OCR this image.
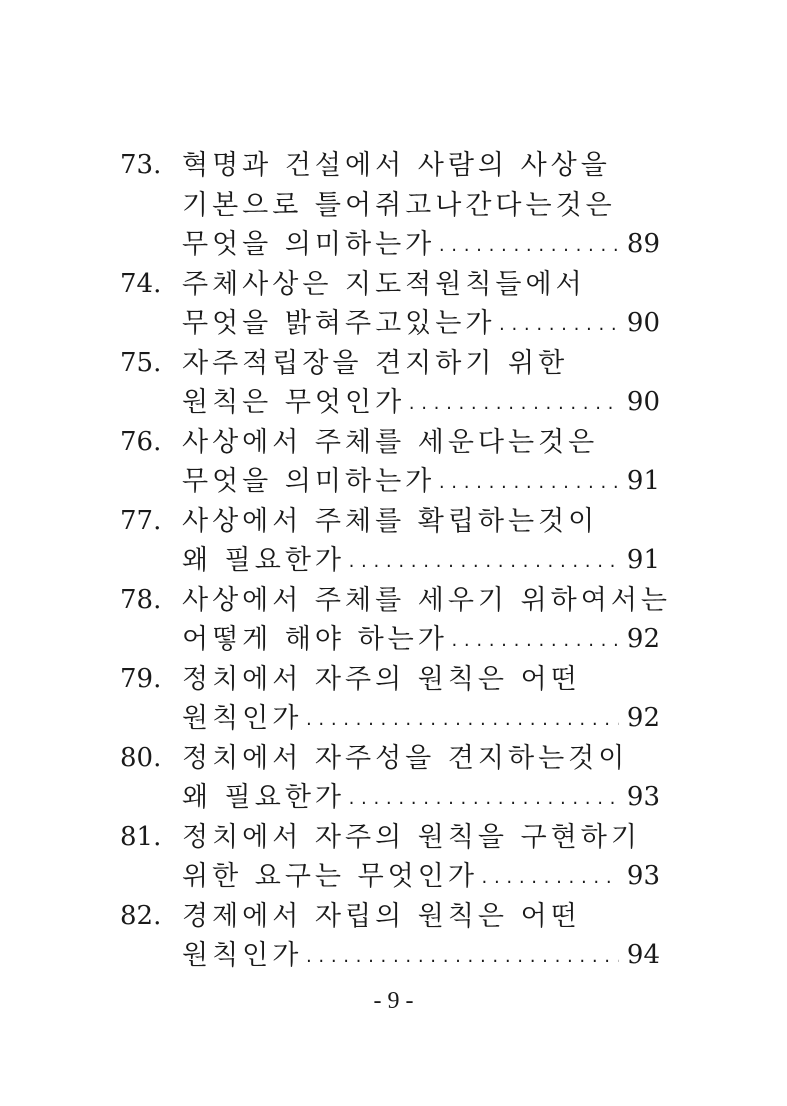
73. 혁명과 건설에서 사람의 사상을
기본으로 틀어쥐고나간다는것은
무엇을 의미하는가 ·····	89
74. 주체사상은 지도적원칙들에서
무엇을 밝혀주고있는가 ·····	90
75. 자주적립장을 견지하기 위한
원칙은 무엇인가 ·····	90
76. 사상에서 주체를 세운다는것은
무엇을 의미하는가 ·····	91
77. 사상에서 주체를 확립하는것이
왜 필요한가 ·····	91
78. 사상에서 주체를 세우기 위하여서는
어떻게 해야 하는가 ·····	92
79. 정치에서 자주의 원칙은 어떤
원칙인가 ·····	92
80. 정치에서 자주성을 견지하는것이
왜 필요한가 ·····	93
81. 정치에서 자주의 원칙을 구현하기
위한 요구는 무엇인가 ·····	93
82. 경제에서 자립의 원칙은 어떤
원칙인가 ·····	94
- 9 -
